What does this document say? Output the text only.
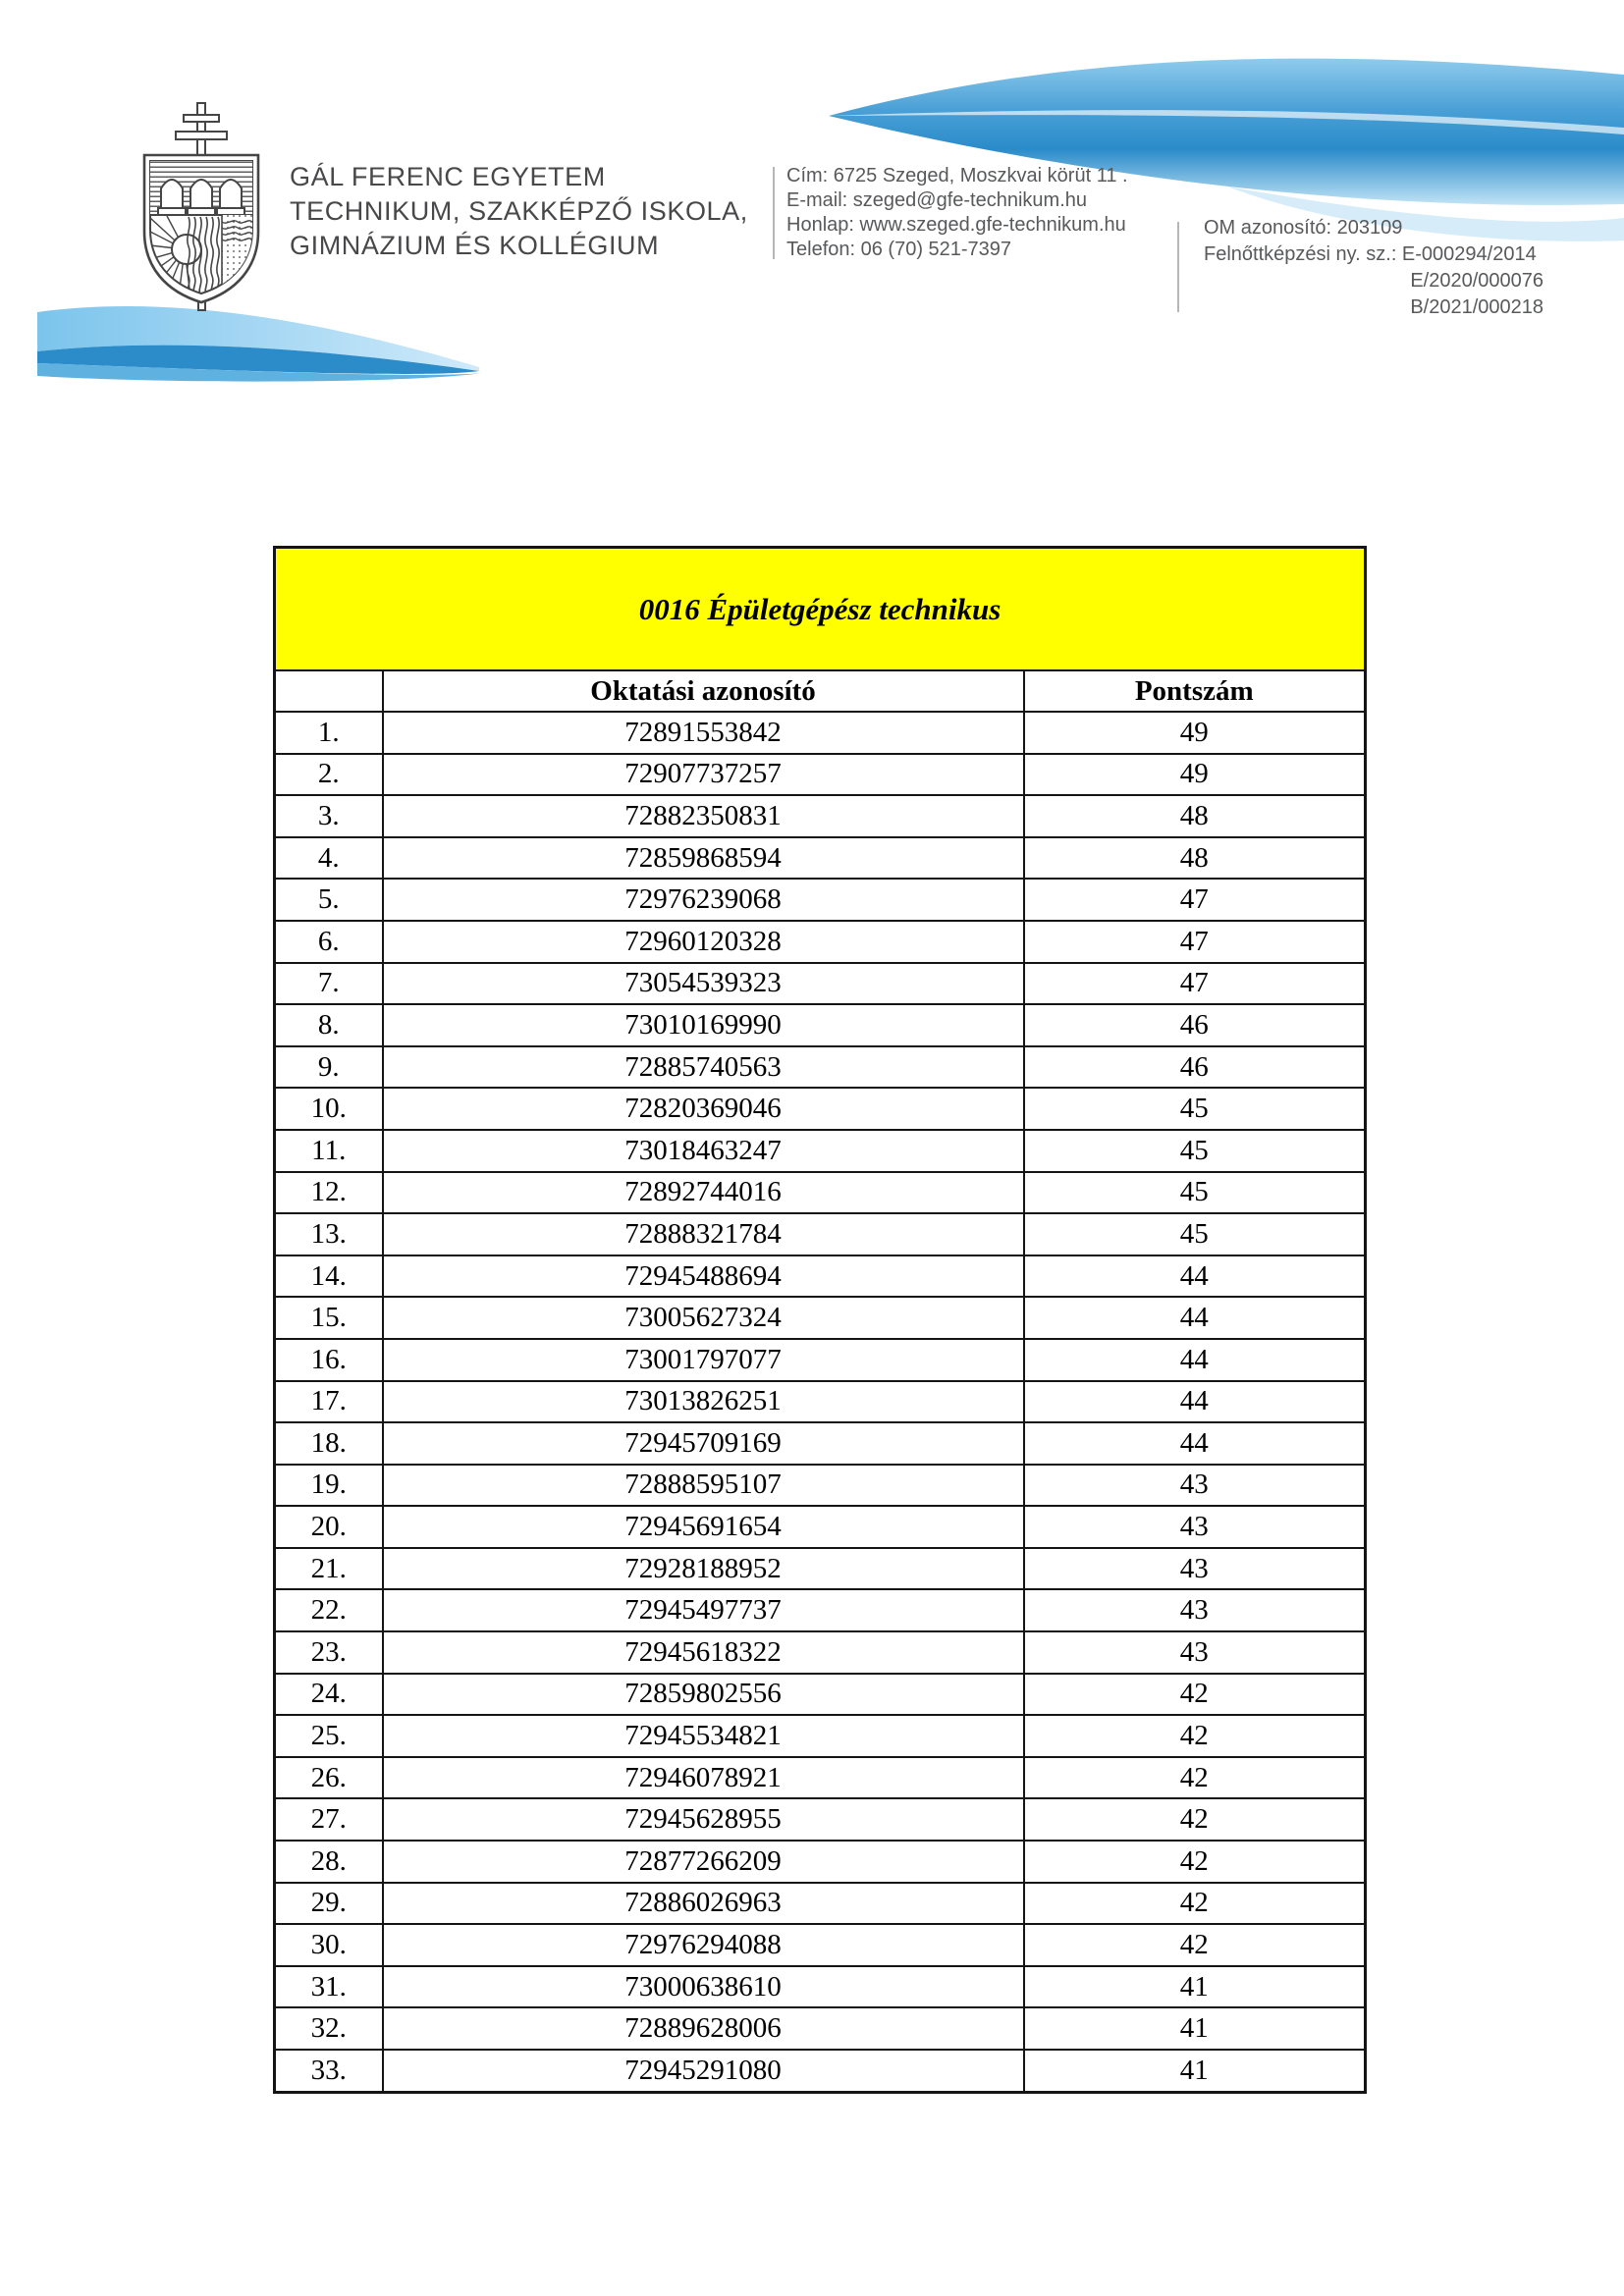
GÁL FERENC EGYETEM
TECHNIKUM, SZAKKÉPZŐ ISKOLA,
GIMNÁZIUM ÉS KOLLÉGIUM
Cím: 6725 Szeged, Moszkvai körüt 11 .
E-mail: szeged@gfe-technikum.hu
Honlap: www.szeged.gfe-technikum.hu
Telefon: 06 (70) 521-7397
OM azonosító: 203109
Felnőttképzési ny. sz.: E-000294/2014
E/2020/000076
B/2021/000218
0016 Épületgépész technikus		
	Oktatási azonosító	Pontszám
1.	72891553842	49
2.	72907737257	49
3.	72882350831	48
4.	72859868594	48
5.	72976239068	47
6.	72960120328	47
7.	73054539323	47
8.	73010169990	46
9.	72885740563	46
10.	72820369046	45
11.	73018463247	45
12.	72892744016	45
13.	72888321784	45
14.	72945488694	44
15.	73005627324	44
16.	73001797077	44
17.	73013826251	44
18.	72945709169	44
19.	72888595107	43
20.	72945691654	43
21.	72928188952	43
22.	72945497737	43
23.	72945618322	43
24.	72859802556	42
25.	72945534821	42
26.	72946078921	42
27.	72945628955	42
28.	72877266209	42
29.	72886026963	42
30.	72976294088	42
31.	73000638610	41
32.	72889628006	41
33.	72945291080	41
